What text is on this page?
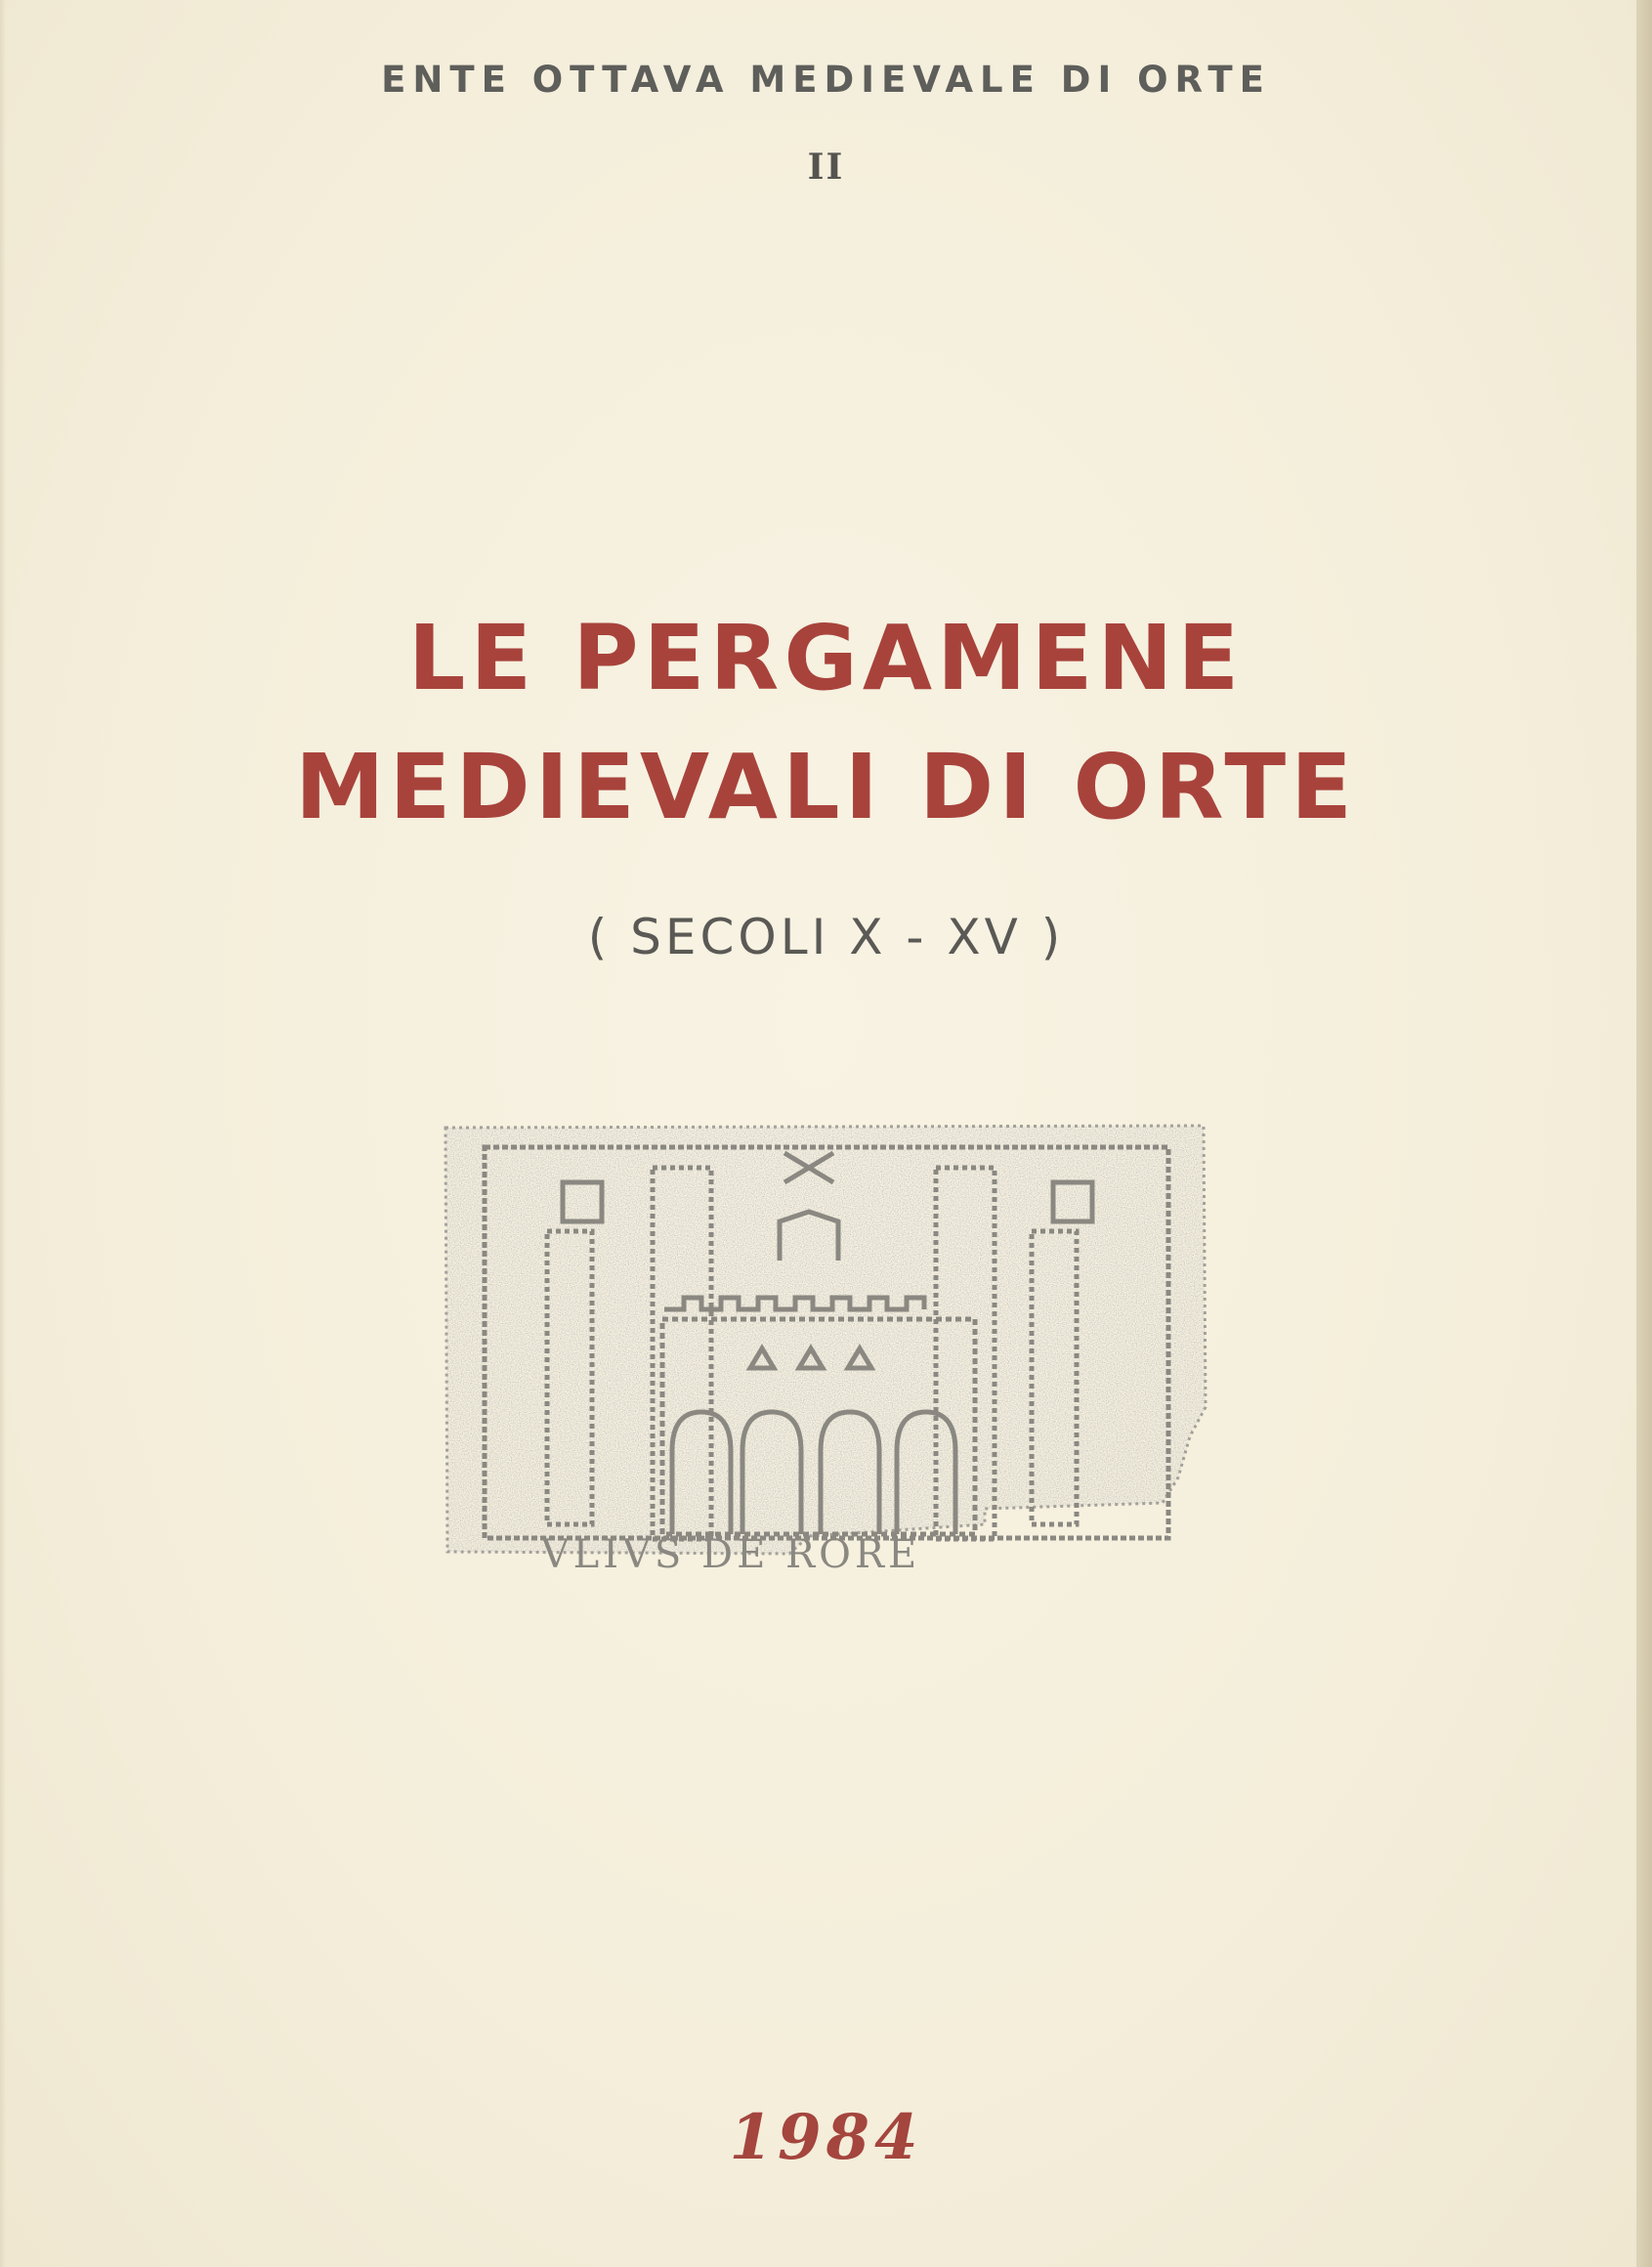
ENTE OTTAVA MEDIEVALE DI ORTE
II
LE PERGAMENE
MEDIEVALI DI ORTE
( SECOLI X - XV )
VLIVS DE RORE
1984
